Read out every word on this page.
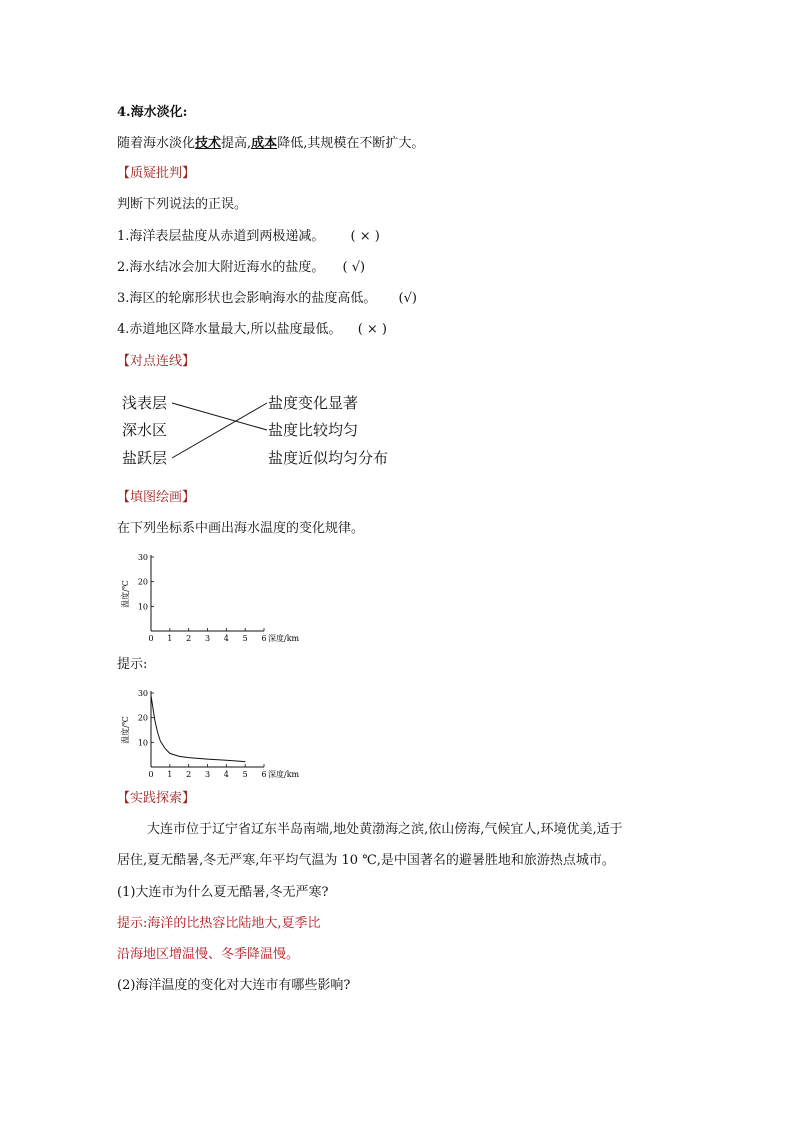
4.海水淡化:
随着海水淡化技术提高,成本降低,其规模在不断扩大。
【质疑批判】
判断下列说法的正误。
1.海洋表层盐度从赤道到两极递减。 ( × )
2.海水结冰会加大附近海水的盐度。 ( √)
3.海区的轮廓形状也会影响海水的盐度高低。 (√)
4.赤道地区降水量最大,所以盐度最低。 ( × )
【对点连线】
浅表层
深水区
盐跃层
盐度变化显著
盐度比较均匀
盐度近似均匀分布
【填图绘画】
在下列坐标系中画出海水温度的变化规律。
0 1 2 3 4 5 6
10
20
30
深度/km
温度/℃
提示:
0 1 2 3 4 5 6
10
20
30
深度/km
温度/℃
【实践探索】
大连市位于辽宁省辽东半岛南端,地处黄渤海之滨,依山傍海,气候宜人,环境优美,适于
居住,夏无酷暑,冬无严寒,年平均气温为 10 ℃,是中国著名的避暑胜地和旅游热点城市。
(1)大连市为什么夏无酷暑,冬无严寒?
提示:海洋的比热容比陆地大,夏季比
沿海地区增温慢、冬季降温慢。
(2)海洋温度的变化对大连市有哪些影响?
